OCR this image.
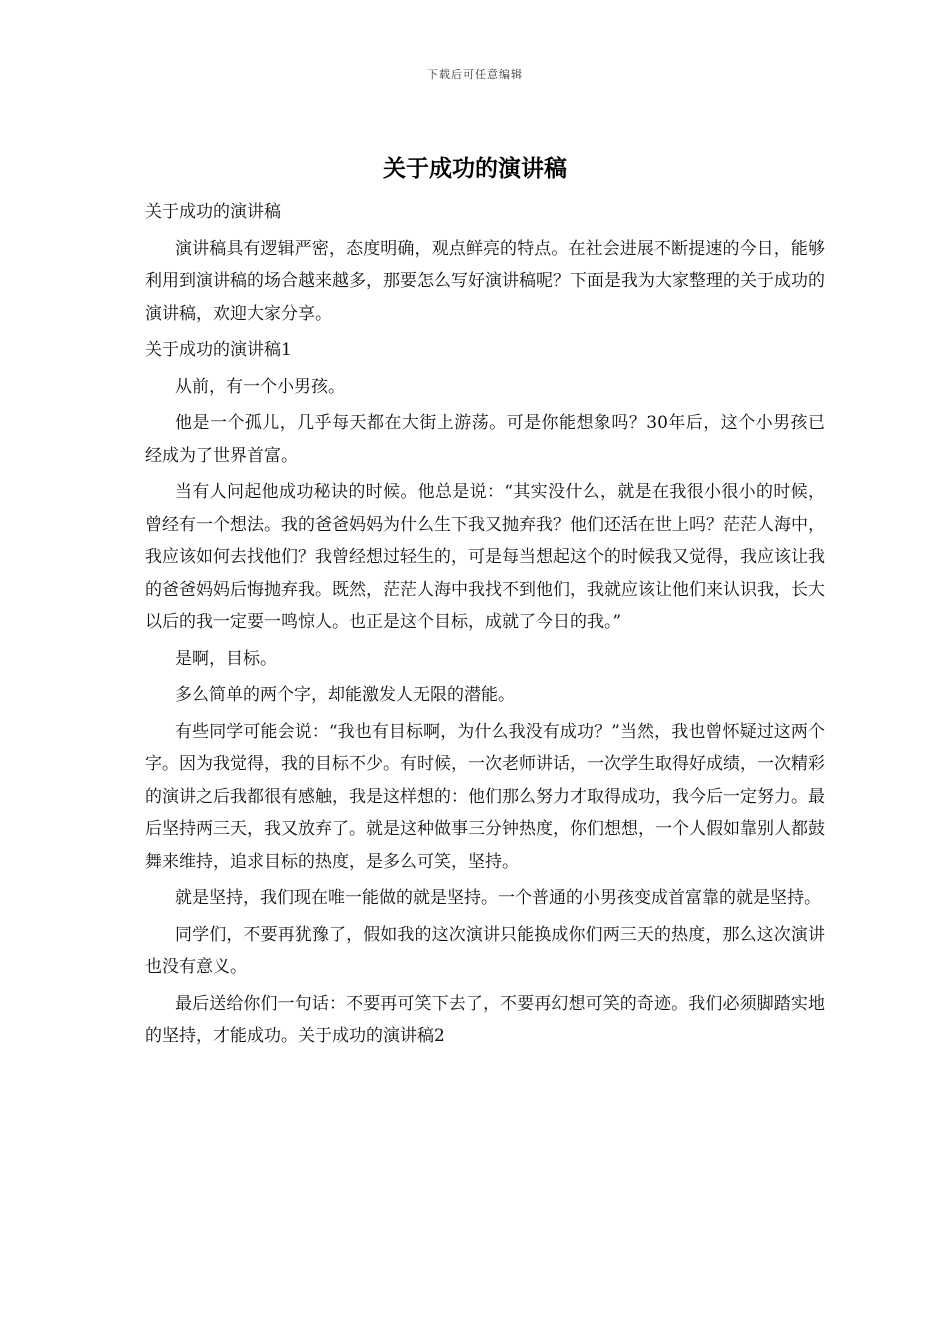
下载后可任意编辑
关于成功的演讲稿

关于成功的演讲稿

演讲稿具有逻辑严密，态度明确，观点鲜亮的特点。在社会进展不断提速的今日，能够利用到演讲稿的场合越来越多，那要怎么写好演讲稿呢？下面是我为大家整理的关于成功的演讲稿，欢迎大家分享。

关于成功的演讲稿1

从前，有一个小男孩。

他是一个孤儿，几乎每天都在大街上游荡。可是你能想象吗？30年后，这个小男孩已经成为了世界首富。

当有人问起他成功秘诀的时候。他总是说：“其实没什么，就是在我很小很小的时候，曾经有一个想法。我的爸爸妈妈为什么生下我又抛弃我？他们还活在世上吗？茫茫人海中，我应该如何去找他们？我曾经想过轻生的，可是每当想起这个的时候我又觉得，我应该让我的爸爸妈妈后悔抛弃我。既然，茫茫人海中我找不到他们，我就应该让他们来认识我，长大以后的我一定要一鸣惊人。也正是这个目标，成就了今日的我。”

是啊，目标。

多么简单的两个字，却能激发人无限的潜能。

有些同学可能会说：“我也有目标啊，为什么我没有成功？”当然，我也曾怀疑过这两个字。因为我觉得，我的目标不少。有时候，一次老师讲话，一次学生取得好成绩，一次精彩的演讲之后我都很有感触，我是这样想的：他们那么努力才取得成功，我今后一定努力。最后坚持两三天，我又放弃了。就是这种做事三分钟热度，你们想想，一个人假如靠别人都鼓舞来维持，追求目标的热度，是多么可笑，坚持。

就是坚持，我们现在唯一能做的就是坚持。一个普通的小男孩变成首富靠的就是坚持。

同学们，不要再犹豫了，假如我的这次演讲只能换成你们两三天的热度，那么这次演讲也没有意义。

最后送给你们一句话：不要再可笑下去了，不要再幻想可笑的奇迹。我们必须脚踏实地的坚持，才能成功。关于成功的演讲稿2
